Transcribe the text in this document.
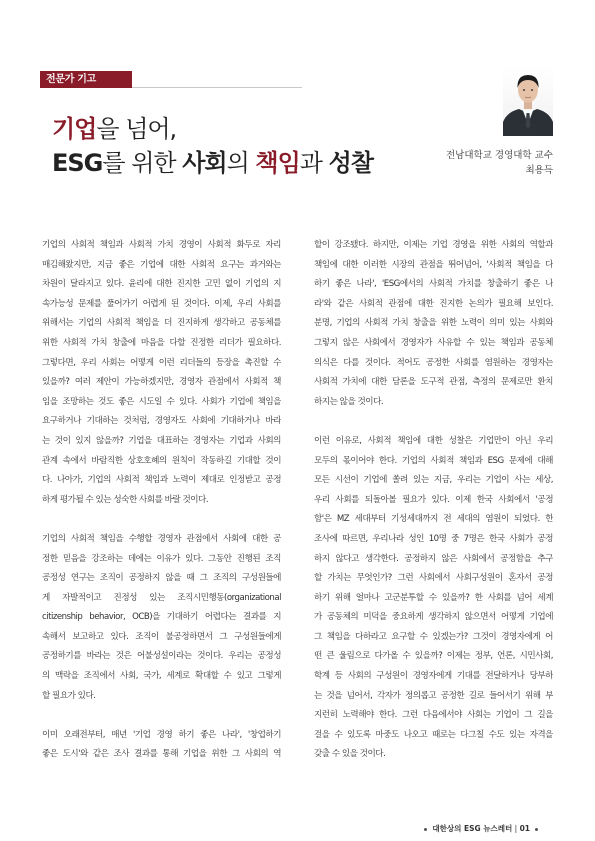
전문가 기고
기업을 넘어,
ESG를 위한 사회의 책임과 성찰	전남대학교 경영대학 교수
최용득

기업의 사회적 책임과 사회적 가치 경영이 사회적 화두로 자리
매김해왔지만, 지금 좋은 기업에 대한 사회적 요구는 과거와는
차원이 달라지고 있다. 윤리에 대한 진지한 고민 없이 기업의 지
속가능성 문제를 풀어가기 어렵게 된 것이다. 이제, 우리 사회를
위해서는 기업의 사회적 책임을 더 진지하게 생각하고 공동체를
위한 사회적 가치 창출에 마음을 다할 진정한 리더가 필요하다.
그렇다면, 우리 사회는 어떻게 이런 리더들의 등장을 촉진할 수
있을까? 여러 제안이 가능하겠지만, 경영자 관점에서 사회적 책
임을 조망하는 것도 좋은 시도일 수 있다. 사회가 기업에 책임을
요구하거나 기대하는 것처럼, 경영자도 사회에 기대하거나 바라
는 것이 있지 않을까? 기업을 대표하는 경영자는 기업과 사회의
관계 속에서 바람직한 상호호혜의 원칙이 작동하길 기대할 것이
다. 나아가, 기업의 사회적 책임과 노력이 제대로 인정받고 공정
하게 평가될 수 있는 성숙한 사회를 바랄 것이다.

기업의 사회적 책임을 수행할 경영자 관점에서 사회에 대한 공
정한 믿음을 강조하는 데에는 이유가 있다. 그동안 진행된 조직
공정성 연구는 조직이 공정하지 않을 때 그 조직의 구성원들에
게 자발적이고 진정성 있는 조직시민행동(organizational
citizenship behavior, OCB)을 기대하기 어렵다는 결과를 지
속해서 보고하고 있다. 조직이 불공정하면서 그 구성원들에게
공정하기를 바라는 것은 어불성설이라는 것이다. 우리는 공정성
의 맥락을 조직에서 사회, 국가, 세계로 확대할 수 있고 그렇게
할 필요가 있다.

이미 오래전부터, 매년 '기업 경영 하기 좋은 나라', '창업하기
좋은 도시'와 같은 조사 결과를 통해 기업을 위한 그 사회의 역

할이 강조됐다. 하지만, 이제는 기업 경영을 위한 사회의 역할과
책임에 대한 이러한 시장의 관점을 뛰어넘어, '사회적 책임을 다
하기 좋은 나라', 'ESG에서의 사회적 가치를 창출하기 좋은 나
라'와 같은 사회적 관점에 대한 진지한 논의가 필요해 보인다.
분명, 기업의 사회적 가치 창출을 위한 노력이 의미 있는 사회와
그렇지 않은 사회에서 경영자가 사유할 수 있는 책임과 공동체
의식은 다를 것이다. 적어도 공정한 사회를 염원하는 경영자는
사회적 가치에 대한 담론을 도구적 관점, 측정의 문제로만 환치
하지는 않을 것이다.

이런 이유로, 사회적 책임에 대한 성찰은 기업만이 아닌 우리
모두의 몫이어야 한다. 기업의 사회적 책임과 ESG 문제에 대해
모든 시선이 기업에 쏠려 있는 지금, 우리는 기업이 사는 세상,
우리 사회를 되돌아볼 필요가 있다. 이제 한국 사회에서 '공정
함'은 MZ 세대부터 기성세대까지 전 세대의 염원이 되었다. 한
조사에 따르면, 우리나라 성인 10명 중 7명은 한국 사회가 공정
하지 않다고 생각한다. 공정하지 않은 사회에서 공정함을 추구
할 가치는 무엇인가? 그런 사회에서 사회구성원이 혼자서 공정
하기 위해 얼마나 고군분투할 수 있을까? 한 사회를 넘어 세계
가 공동체의 미덕을 중요하게 생각하지 않으면서 어떻게 기업에
그 책임을 다하라고 요구할 수 있겠는가? 그것이 경영자에게 어
떤 큰 울림으로 다가올 수 있을까? 이제는 정부, 언론, 시민사회,
학계 등 사회의 구성원이 경영자에게 기대를 전달하거나 당부하
는 것을 넘어서, 각자가 정의롭고 공정한 길로 들어서기 위해 부
지런히 노력해야 한다. 그런 다음에서야 사회는 기업이 그 길을
걸을 수 있도록 마중도 나오고 때로는 다그칠 수도 있는 자격을
갖출 수 있을 것이다.

대한상의 ESG 뉴스레터 | 01
